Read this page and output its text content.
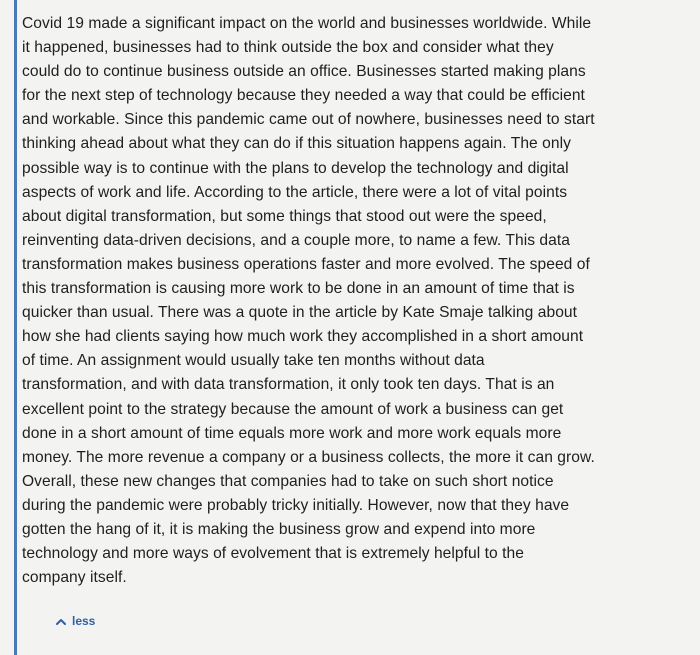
Covid 19 made a significant impact on the world and businesses worldwide. While
it happened, businesses had to think outside the box and consider what they
could do to continue business outside an office. Businesses started making plans
for the next step of technology because they needed a way that could be efficient
and workable. Since this pandemic came out of nowhere, businesses need to start
thinking ahead about what they can do if this situation happens again. The only
possible way is to continue with the plans to develop the technology and digital
aspects of work and life. According to the article, there were a lot of vital points
about digital transformation, but some things that stood out were the speed,
reinventing data-driven decisions, and a couple more, to name a few. This data
transformation makes business operations faster and more evolved. The speed of
this transformation is causing more work to be done in an amount of time that is
quicker than usual. There was a quote in the article by Kate Smaje talking about
how she had clients saying how much work they accomplished in a short amount
of time. An assignment would usually take ten months without data
transformation, and with data transformation, it only took ten days. That is an
excellent point to the strategy because the amount of work a business can get
done in a short amount of time equals more work and more work equals more
money. The more revenue a company or a business collects, the more it can grow.
Overall, these new changes that companies had to take on such short notice
during the pandemic were probably tricky initially. However, now that they have
gotten the hang of it, it is making the business grow and expend into more
technology and more ways of evolvement that is extremely helpful to the
company itself.
less
